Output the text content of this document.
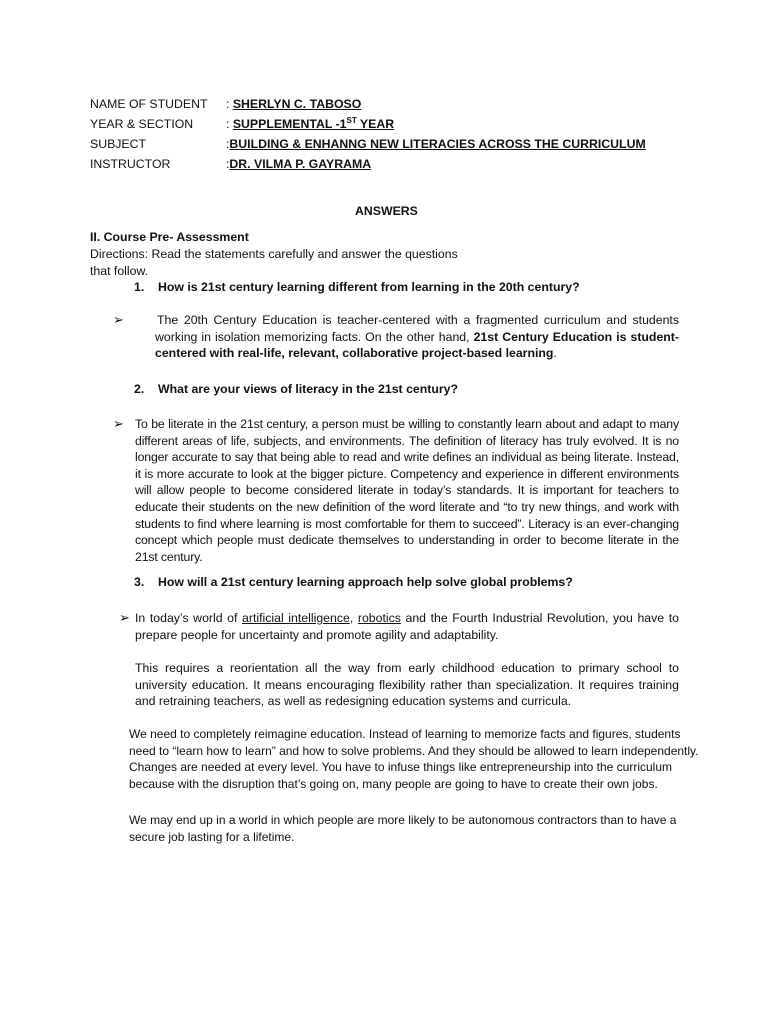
NAME OF STUDENT : SHERLYN C. TABOSO
YEAR & SECTION	: SUPPLEMENTAL -1ST YEAR
SUBJECT	:BUILDING & ENHANNG NEW LITERACIES ACROSS THE CURRICULUM
INSTRUCTOR	:DR. VILMA P. GAYRAMA
ANSWERS
II. Course Pre- Assessment
Directions: Read the statements carefully and answer the questions that follow.
1. How is 21st century learning different from learning in the 20th century?
➢	The 20th Century Education is teacher-centered with a fragmented curriculum and students working in isolation memorizing facts. On the other hand, 21st Century Education is student-centered with real-life, relevant, collaborative project-based learning.
2. What are your views of literacy in the 21st century?
➢ To be literate in the 21st century, a person must be willing to constantly learn about and adapt to many different areas of life, subjects, and environments. The definition of literacy has truly evolved. It is no longer accurate to say that being able to read and write defines an individual as being literate. Instead, it is more accurate to look at the bigger picture. Competency and experience in different environments will allow people to become considered literate in today’s standards. It is important for teachers to educate their students on the new definition of the word literate and “to try new things, and work with students to find where learning is most comfortable for them to succeed”. Literacy is an ever-changing concept which people must dedicate themselves to understanding in order to become literate in the 21st century.
3. How will a 21st century learning approach help solve global problems?
➢ In today’s world of artificial intelligence, robotics and the Fourth Industrial Revolution, you have to prepare people for uncertainty and promote agility and adaptability.
This requires a reorientation all the way from early childhood education to primary school to university education. It means encouraging flexibility rather than specialization. It requires training and retraining teachers, as well as redesigning education systems and curricula.
We need to completely reimagine education. Instead of learning to memorize facts and figures, students
need to “learn how to learn” and how to solve problems. And they should be allowed to learn independently.
Changes are needed at every level. You have to infuse things like entrepreneurship into the curriculum
because with the disruption that’s going on, many people are going to have to create their own jobs.
We may end up in a world in which people are more likely to be autonomous contractors than to have a
secure job lasting for a lifetime.
